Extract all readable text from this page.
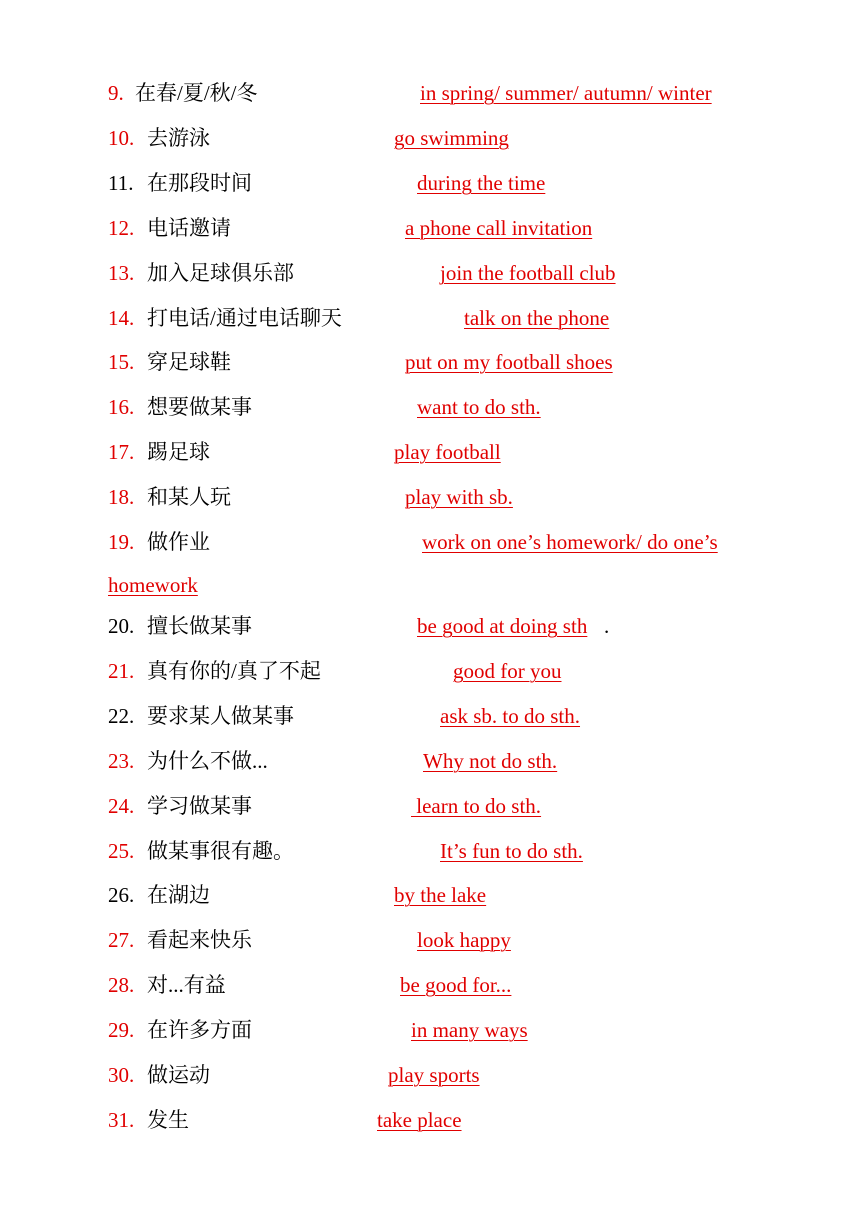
9. 在春/夏/秋/冬	in spring/ summer/ autumn/ winter
10. 去游泳	go swimming
11. 在那段时间	during the time
12. 电话邀请	a phone call invitation
13. 加入足球俱乐部	join the football club
14. 打电话/通过电话聊天	talk on the phone
15. 穿足球鞋	put on my football shoes
16. 想要做某事	want to do sth.
17. 踢足球	play football
18. 和某人玩	play with sb.
19. 做作业	work on one’s homework/ do one’s
homework
20. 擅长做某事	be good at doing sth .
21. 真有你的/真了不起	good for you
22. 要求某人做某事	ask sb. to do sth.
23. 为什么不做...	Why not do sth.
24. 学习做某事	learn to do sth.
25. 做某事很有趣。	It’s fun to do sth.
26. 在湖边	by the lake
27. 看起来快乐	look happy
28. 对...有益	be good for...
29. 在许多方面	in many ways
30. 做运动	play sports
31. 发生	take place
